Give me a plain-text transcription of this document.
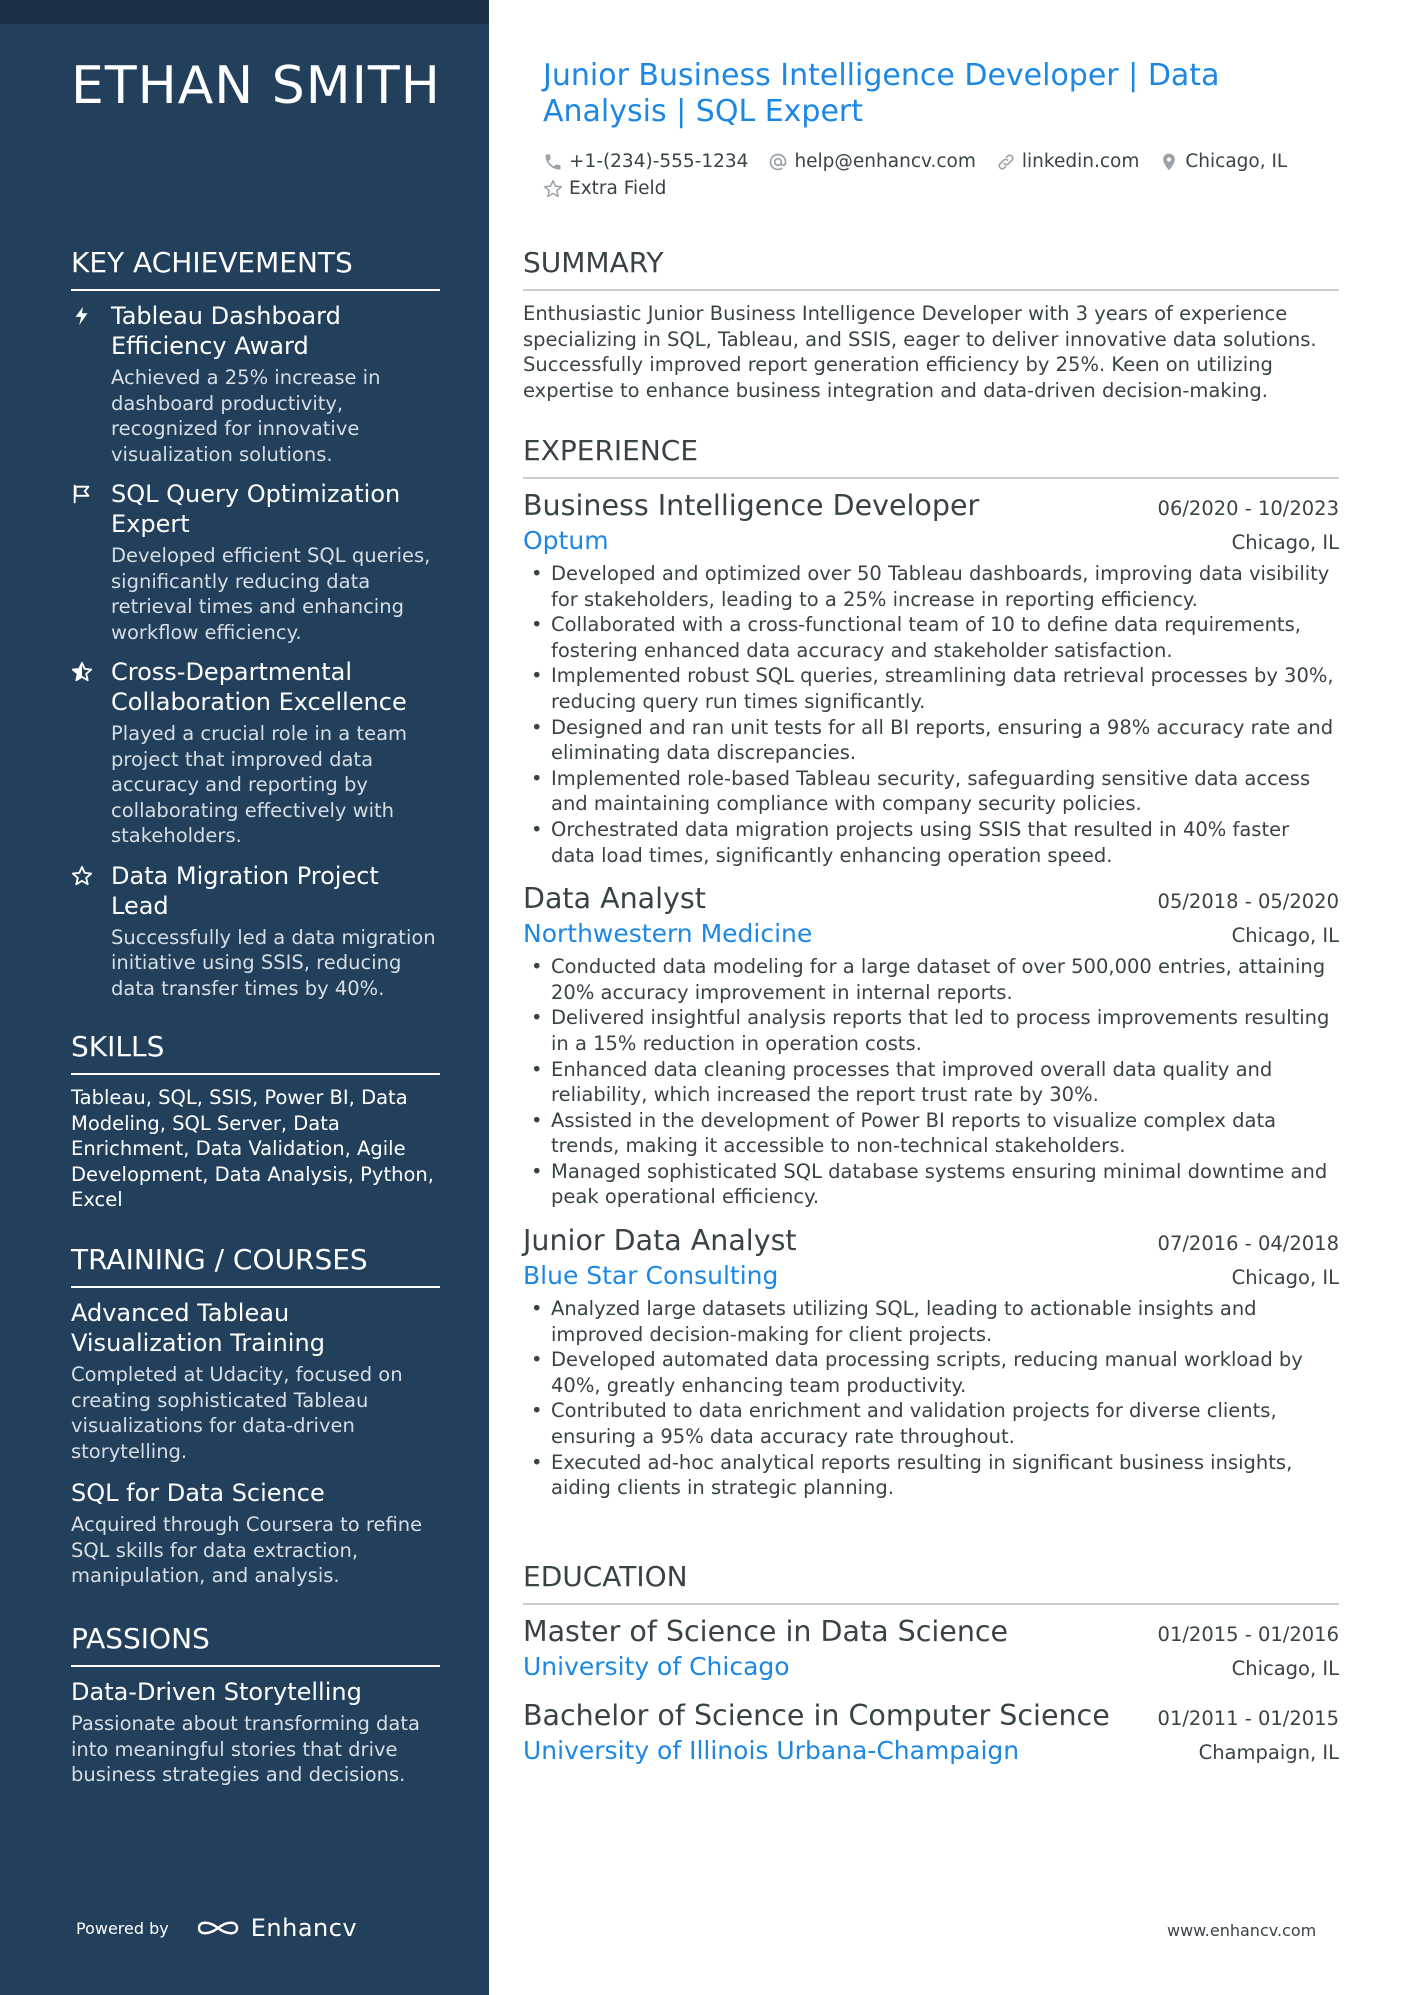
ETHAN SMITH
KEY ACHIEVEMENTS
Tableau Dashboard Efficiency Award
Achieved a 25% increase in dashboard productivity, recognized for innovative visualization solutions.
SQL Query Optimization Expert
Developed efficient SQL queries, significantly reducing data retrieval times and enhancing workflow efficiency.
Cross-Departmental Collaboration Excellence
Played a crucial role in a team project that improved data accuracy and reporting by collaborating effectively with stakeholders.
Data Migration Project Lead
Successfully led a data migration initiative using SSIS, reducing data transfer times by 40%.
SKILLS
Tableau, SQL, SSIS, Power BI, Data Modeling, SQL Server, Data Enrichment, Data Validation, Agile Development, Data Analysis, Python, Excel
TRAINING / COURSES
Advanced Tableau Visualization Training
Completed at Udacity, focused on creating sophisticated Tableau visualizations for data-driven storytelling.
SQL for Data Science
Acquired through Coursera to refine SQL skills for data extraction, manipulation, and analysis.
PASSIONS
Data-Driven Storytelling
Passionate about transforming data into meaningful stories that drive business strategies and decisions.
Powered by	Enhancv
Junior Business Intelligence Developer | Data Analysis | SQL Expert
+1-(234)-555-1234 help@enhancv.com linkedin.com Chicago, IL
Extra Field
SUMMARY
Enthusiastic Junior Business Intelligence Developer with 3 years of experience specializing in SQL, Tableau, and SSIS, eager to deliver innovative data solutions. Successfully improved report generation efficiency by 25%. Keen on utilizing expertise to enhance business integration and data-driven decision-making.
EXPERIENCE
Business Intelligence Developer	06/2020 - 10/2023
Optum	Chicago, IL
• Developed and optimized over 50 Tableau dashboards, improving data visibility for stakeholders, leading to a 25% increase in reporting efficiency.
• Collaborated with a cross-functional team of 10 to define data requirements, fostering enhanced data accuracy and stakeholder satisfaction.
• Implemented robust SQL queries, streamlining data retrieval processes by 30%, reducing query run times significantly.
• Designed and ran unit tests for all BI reports, ensuring a 98% accuracy rate and eliminating data discrepancies.
• Implemented role-based Tableau security, safeguarding sensitive data access and maintaining compliance with company security policies.
• Orchestrated data migration projects using SSIS that resulted in 40% faster data load times, significantly enhancing operation speed.
Data Analyst	05/2018 - 05/2020
Northwestern Medicine	Chicago, IL
• Conducted data modeling for a large dataset of over 500,000 entries, attaining 20% accuracy improvement in internal reports.
• Delivered insightful analysis reports that led to process improvements resulting in a 15% reduction in operation costs.
• Enhanced data cleaning processes that improved overall data quality and reliability, which increased the report trust rate by 30%.
• Assisted in the development of Power BI reports to visualize complex data trends, making it accessible to non-technical stakeholders.
• Managed sophisticated SQL database systems ensuring minimal downtime and peak operational efficiency.
Junior Data Analyst	07/2016 - 04/2018
Blue Star Consulting	Chicago, IL
• Analyzed large datasets utilizing SQL, leading to actionable insights and improved decision-making for client projects.
• Developed automated data processing scripts, reducing manual workload by 40%, greatly enhancing team productivity.
• Contributed to data enrichment and validation projects for diverse clients, ensuring a 95% data accuracy rate throughout.
• Executed ad-hoc analytical reports resulting in significant business insights, aiding clients in strategic planning.
EDUCATION
Master of Science in Data Science	01/2015 - 01/2016
University of Chicago	Chicago, IL
Bachelor of Science in Computer Science 01/2011 - 01/2015
University of Illinois Urbana-Champaign	Champaign, IL
www.enhancv.com
